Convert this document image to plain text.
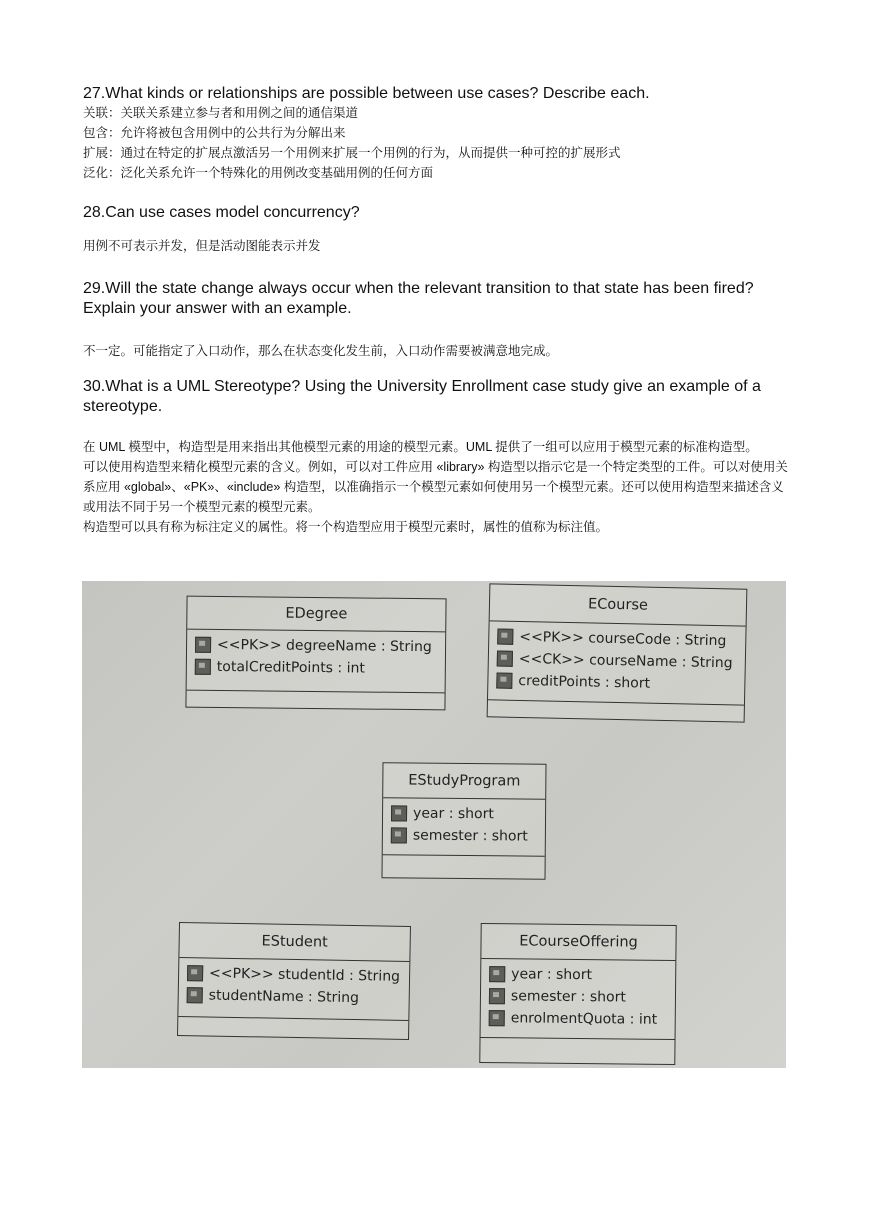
27.What kinds or relationships are possible between use cases? Describe each.
关联：关联关系建立参与者和用例之间的通信渠道
包含：允许将被包含用例中的公共行为分解出来
扩展：通过在特定的扩展点激活另一个用例来扩展一个用例的行为，从而提供一种可控的扩展形式
泛化：泛化关系允许一个特殊化的用例改变基础用例的任何方面
28.Can use cases model concurrency?
用例不可表示并发，但是活动图能表示并发
29.Will the state change always occur when the relevant transition to that state has been fired? Explain your answer with an example.
不一定。可能指定了入口动作，那么在状态变化发生前，入口动作需要被满意地完成。
30.What is a UML Stereotype? Using the University Enrollment case study give an example of a stereotype.
在 UML 模型中，构造型是用来指出其他模型元素的用途的模型元素。UML 提供了一组可以应用于模型元素的标准构造型。
可以使用构造型来精化模型元素的含义。例如，可以对工件应用 «library» 构造型以指示它是一个特定类型的工件。可以对使用关系应用 «global»、«PK»、«include» 构造型，以准确指示一个模型元素如何使用另一个模型元素。还可以使用构造型来描述含义或用法不同于另一个模型元素的模型元素。
构造型可以具有称为标注定义的属性。将一个构造型应用于模型元素时，属性的值称为标注值。
EDegree
<<PK>> degreeName : String
totalCreditPoints : int
ECourse
<<PK>> courseCode : String
<<CK>> courseName : String
creditPoints : short
EStudyProgram
year : short
semester : short
EStudent
<<PK>> studentId : String
studentName : String
ECourseOffering
year : short
semester : short
enrolmentQuota : int
